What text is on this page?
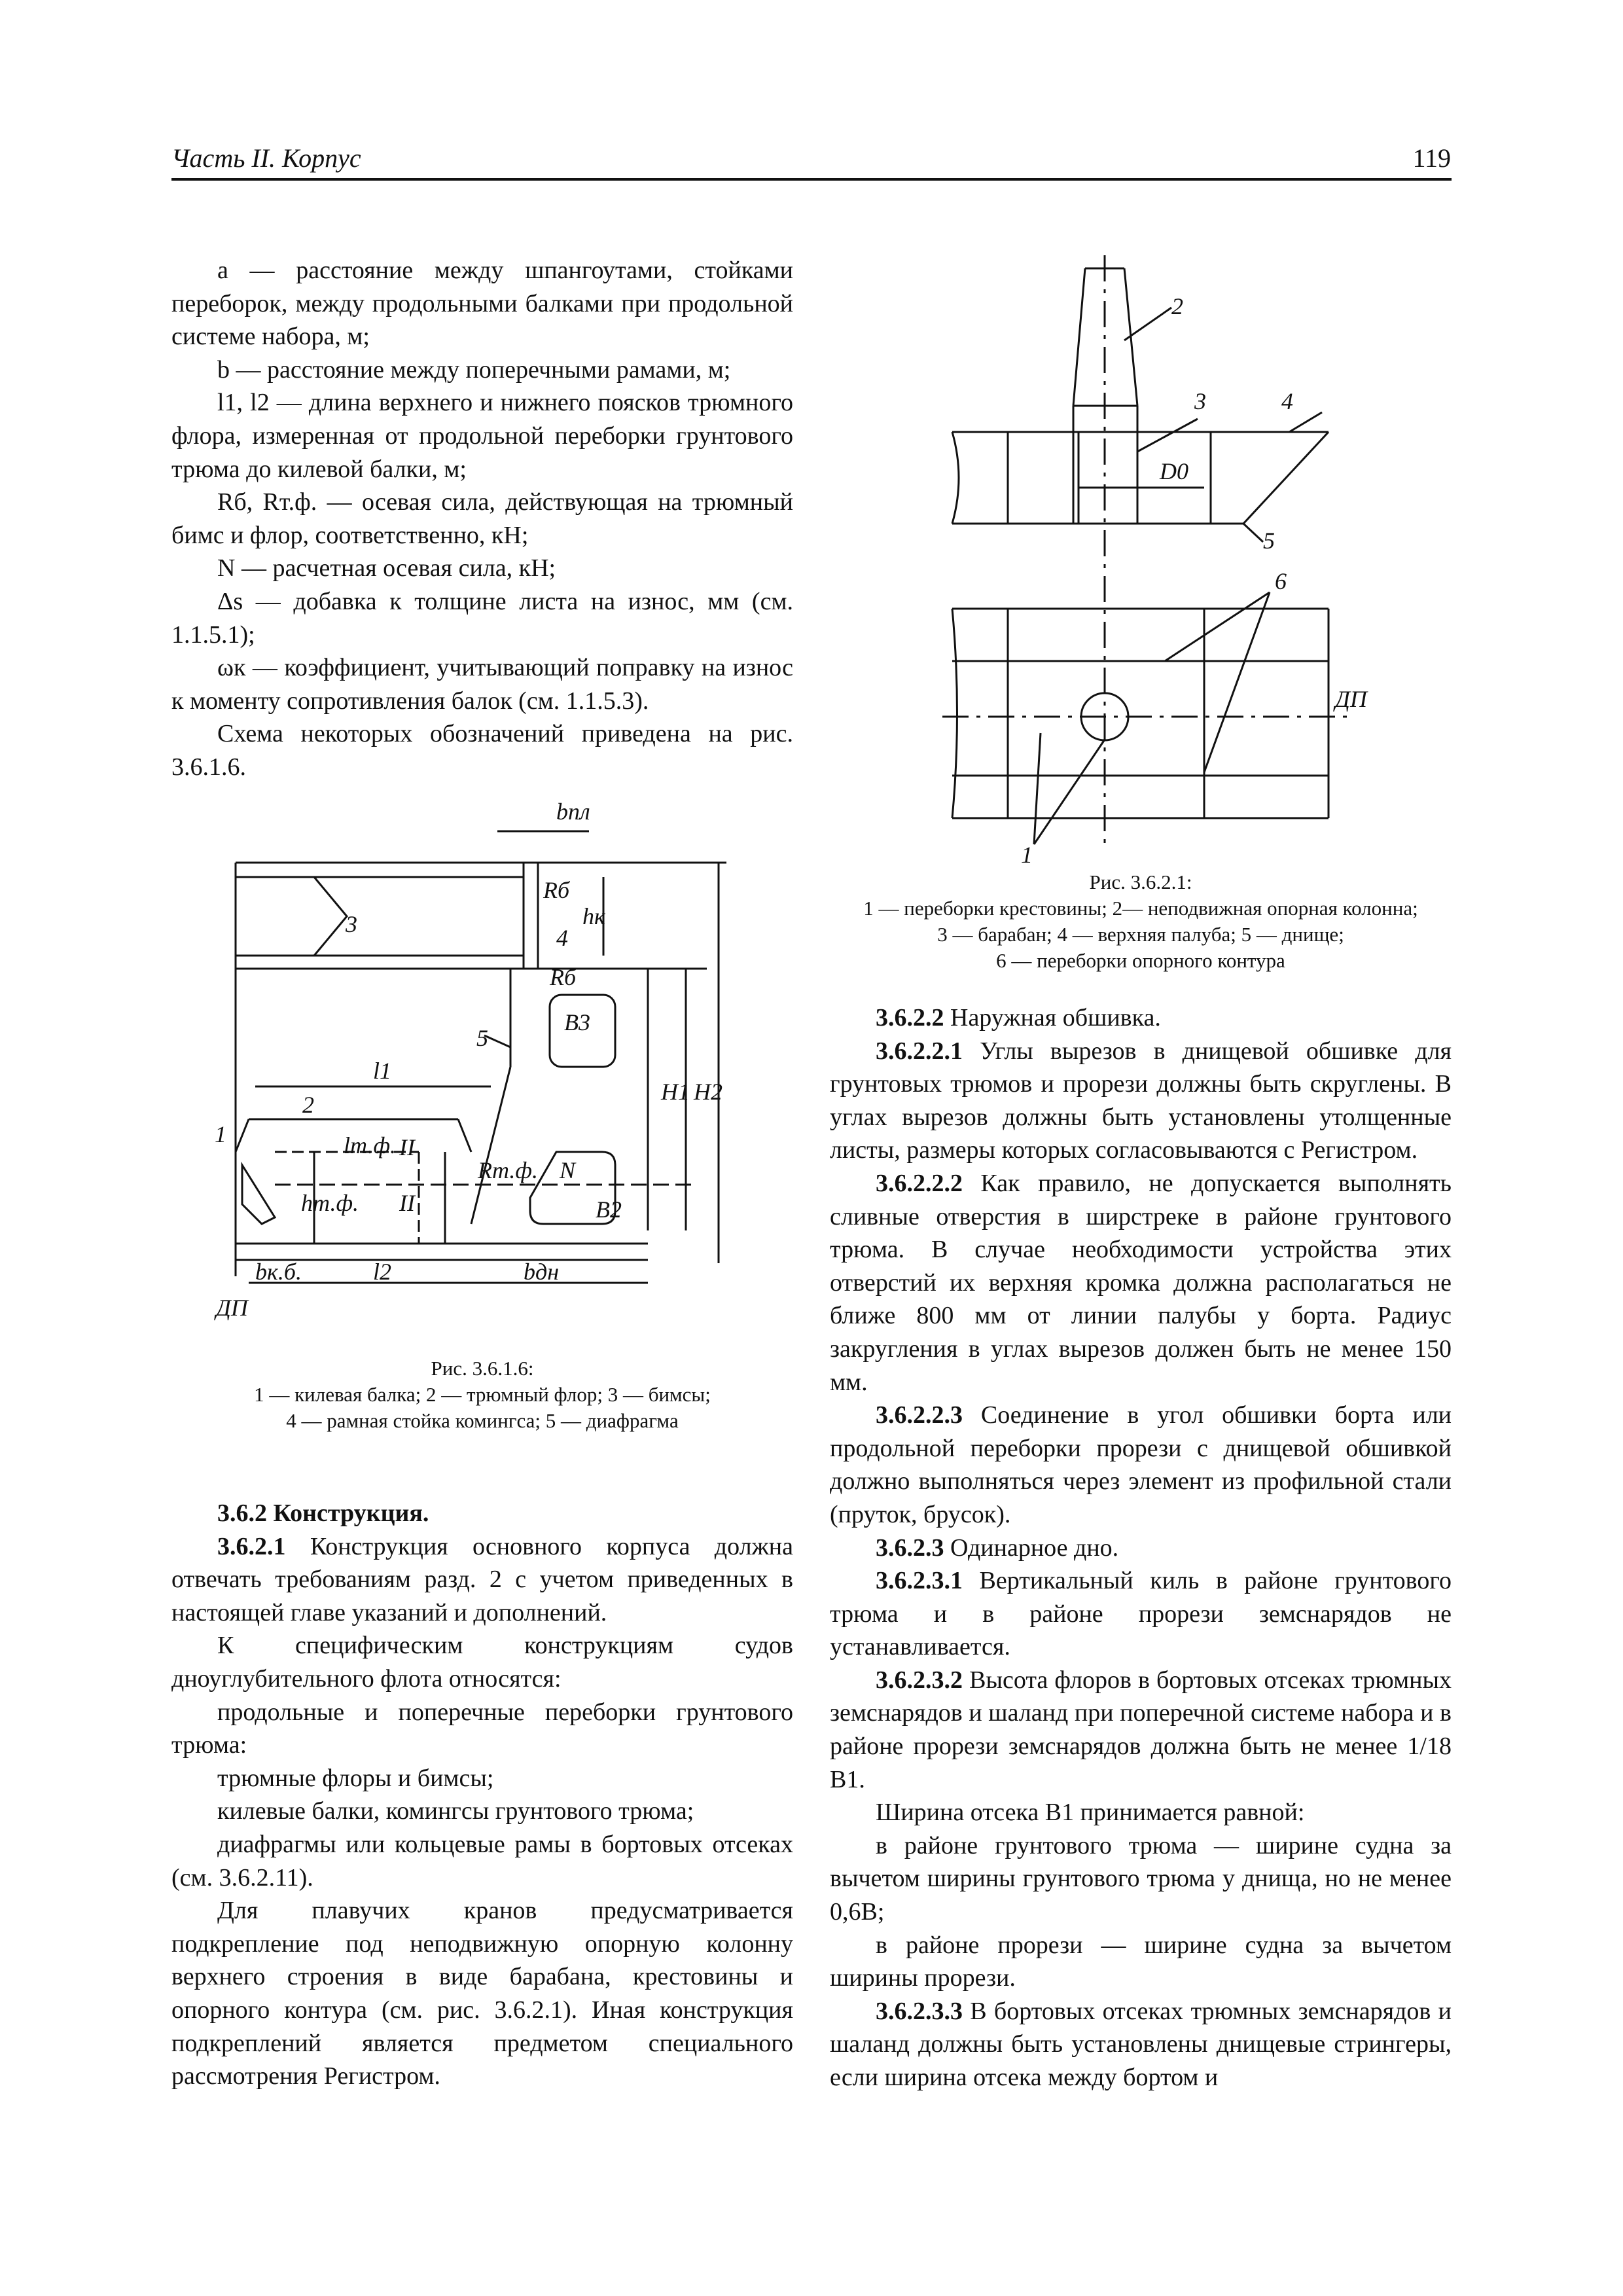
Часть II. Корпус	119

a — расстояние между шпангоутами, стойками переборок, между продольными балками при продольной системе набора, м;

b — расстояние между поперечными рамами, м;

l1, l2 — длина верхнего и нижнего поясков трюмного флора, измеренная от продольной переборки грунтового трюма до килевой балки, м;

Rб, Rт.ф. — осевая сила, действующая на трюмный бимс и флор, соответственно, кН;

N — расчетная осевая сила, кН;

Δs — добавка к толщине листа на износ, мм (см. 1.1.5.1);

ωк — коэффициент, учитывающий поправку на износ к моменту сопротивления балок (см. 1.1.5.3).

Схема некоторых обозначений приведена на рис. 3.6.1.6.

bпл
Rб
3	hк
4
Rб
B3
5
l1
H1 H2
2
1	lт.ф. II
Rт.ф. N
hт.ф. II	B2
bк.б.	l2	bдн
ДП
Рис. 3.6.1.6:
1 — килевая балка; 2 — трюмный флор; 3 — бимсы;
4 — рамная стойка комингса; 5 — диафрагма

3.6.2 Конструкция.

3.6.2.1 Конструкция основного корпуса должна отвечать требованиям разд. 2 с учетом приведенных в настоящей главе указаний и дополнений.

К специфическим конструкциям судов дноуглубительного флота относятся:

продольные и поперечные переборки грунтового трюма:

трюмные флоры и бимсы;

килевые балки, комингсы грунтового трюма;

диафрагмы или кольцевые рамы в бортовых отсеках (см. 3.6.2.11).

Для плавучих кранов предусматривается подкрепление под неподвижную опорную колонну верхнего строения в виде барабана, крестовины и опорного контура (см. рис. 3.6.2.1). Иная конструкция подкреплений является предметом специального рассмотрения Регистром.

2
3	4
D0
5
6
ДП
1
Рис. 3.6.2.1:
1 — переборки крестовины; 2— неподвижная опорная колонна;
3 — барабан; 4 — верхняя палуба; 5 — днище;
6 — переборки опорного контура

3.6.2.2 Наружная обшивка.

3.6.2.2.1 Углы вырезов в днищевой обшивке для грунтовых трюмов и прорези должны быть скруглены. В углах вырезов должны быть установлены утолщенные листы, размеры которых согласовываются с Регистром.

3.6.2.2.2 Как правило, не допускается выполнять сливные отверстия в ширстреке в районе грунтового трюма. В случае необходимости устройства этих отверстий их верхняя кромка должна располагаться не ближе 800 мм от линии палубы у борта. Радиус закругления в углах вырезов должен быть не менее 150 мм.

3.6.2.2.3 Соединение в угол обшивки борта или продольной переборки прорези с днищевой обшивкой должно выполняться через элемент из профильной стали (пруток, брусок).

3.6.2.3 Одинарное дно.

3.6.2.3.1 Вертикальный киль в районе грунтового трюма и в районе прорези земснарядов не устанавливается.

3.6.2.3.2 Высота флоров в бортовых отсеках трюмных земснарядов и шаланд при поперечной системе набора и в районе прорези земснарядов должна быть не менее 1/18 B1.

Ширина отсека B1 принимается равной:

в районе грунтового трюма — ширине судна за вычетом ширины грунтового трюма у днища, но не менее 0,6B;

в районе прорези — ширине судна за вычетом ширины прорези.

3.6.2.3.3 В бортовых отсеках трюмных земснарядов и шаланд должны быть установлены днищевые стрингеры, если ширина отсека между бортом и
